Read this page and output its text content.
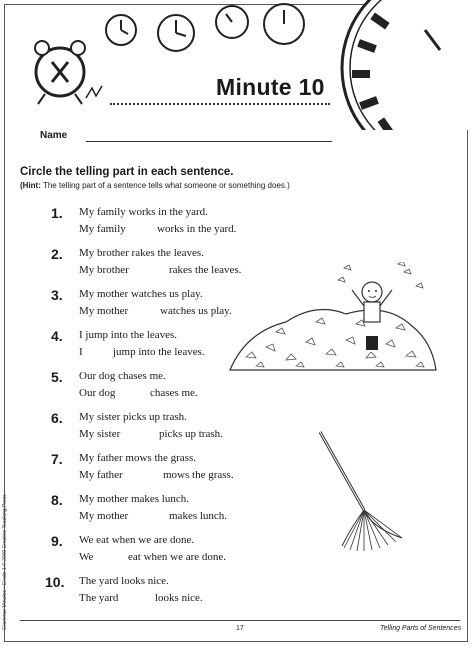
Minute 10
Name
Circle the telling part in each sentence.
(Hint: The telling part of a sentence tells what someone or something does.)
1. My family works in the yard.
My family	works in the yard.
2. My brother rakes the leaves.
My brother	rakes the leaves.
3. My mother watches us play.
My mother	watches us play.
4. I jump into the leaves.
I	jump into the leaves.
5. Our dog chases me.
Our dog	chases me.
6. My sister picks up trash.
My sister	picks up trash.
7. My father mows the grass.
My father	mows the grass.
8. My mother makes lunch.
My mother	makes lunch.
9. We eat when we are done.
We	eat when we are done.
10. The yard looks nice.
The yard	looks nice.
Grammar Minutes • Grade 1 © 2009 Creative Teaching Press	17	Telling Parts of Sentences
